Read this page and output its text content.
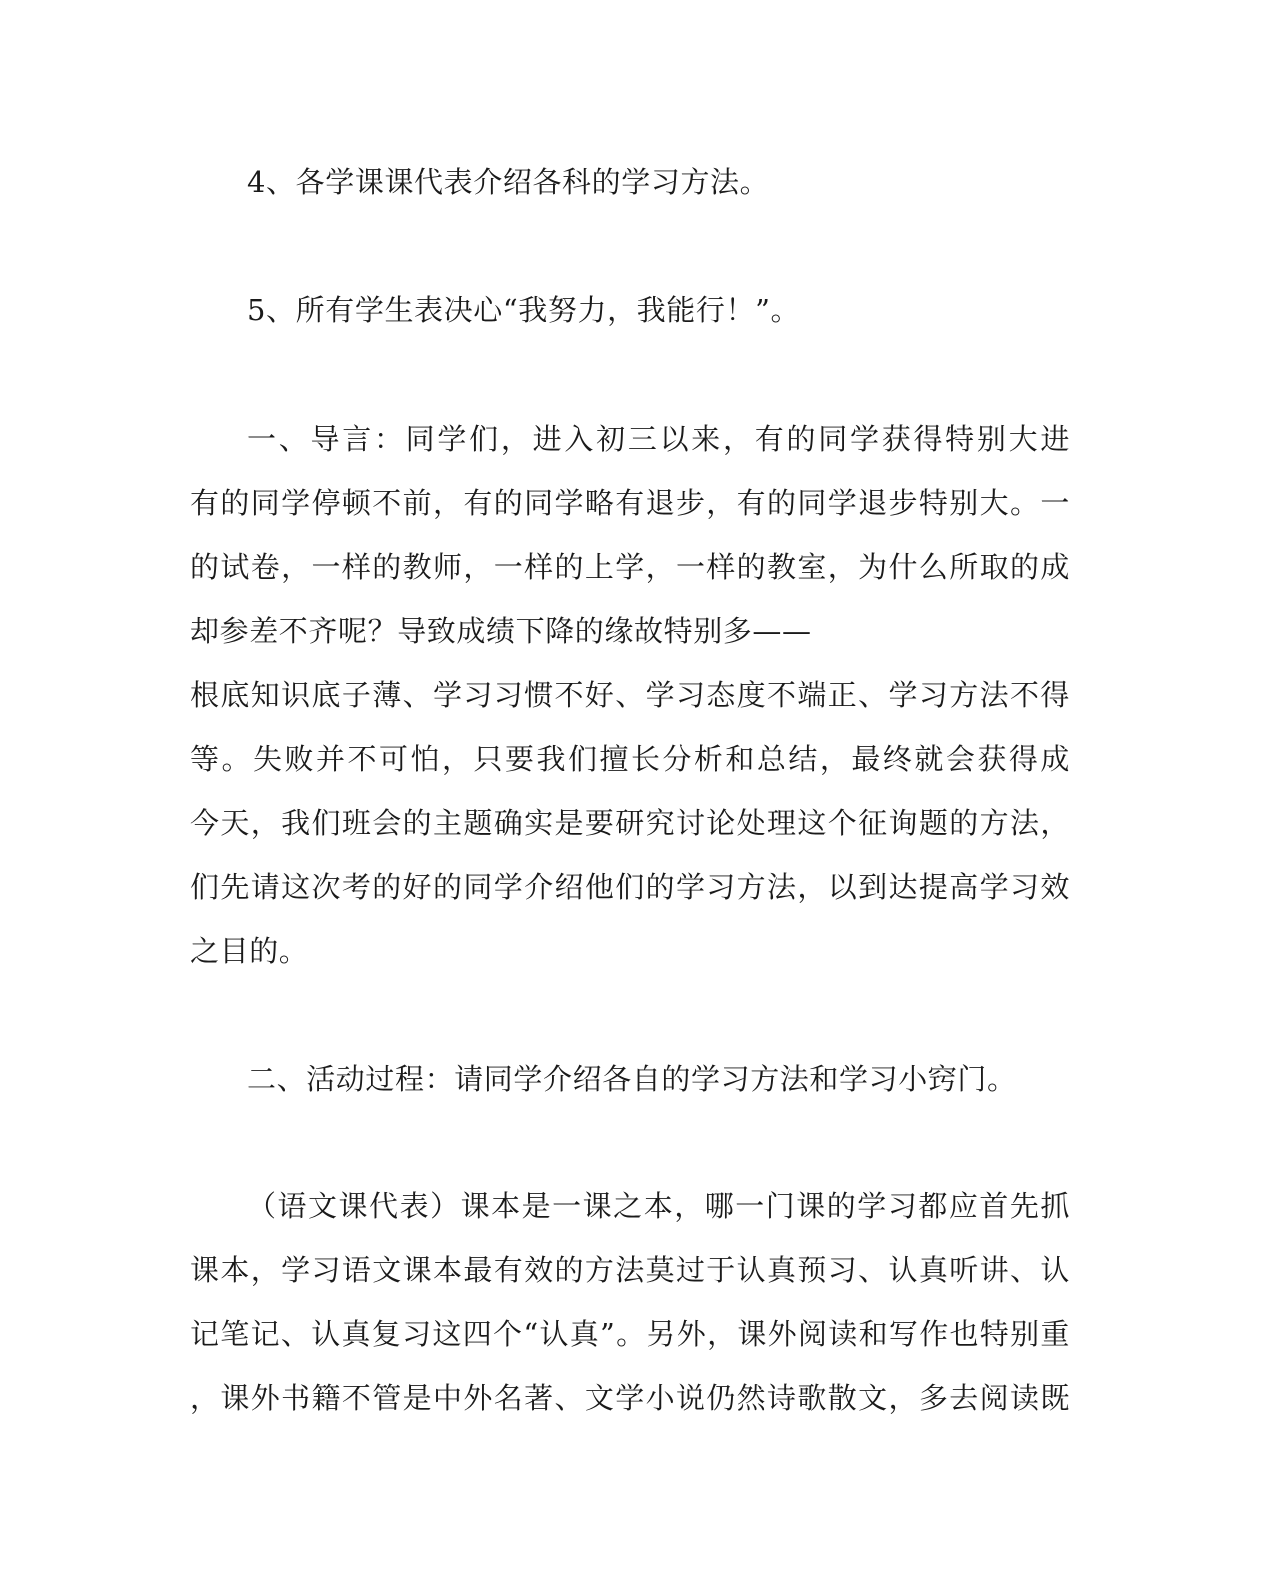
4、各学课课代表介绍各科的学习方法。
5、所有学生表决心“我努力，我能行！”。
一、导言：同学们，进入初三以来，有的同学获得特别大进
有的同学停顿不前，有的同学略有退步，有的同学退步特别大。一
的试卷，一样的教师，一样的上学，一样的教室，为什么所取的成
却参差不齐呢？导致成绩下降的缘故特别多——
根底知识底子薄、学习习惯不好、学习态度不端正、学习方法不得
等。失败并不可怕，只要我们擅长分析和总结，最终就会获得成
今天，我们班会的主题确实是要研究讨论处理这个征询题的方法，
们先请这次考的好的同学介绍他们的学习方法，以到达提高学习效
之目的。
二、活动过程：请同学介绍各自的学习方法和学习小窍门。
（语文课代表）课本是一课之本，哪一门课的学习都应首先抓
课本，学习语文课本最有效的方法莫过于认真预习、认真听讲、认
记笔记、认真复习这四个“认真”。另外，课外阅读和写作也特别重
，课外书籍不管是中外名著、文学小说仍然诗歌散文，多去阅读既
